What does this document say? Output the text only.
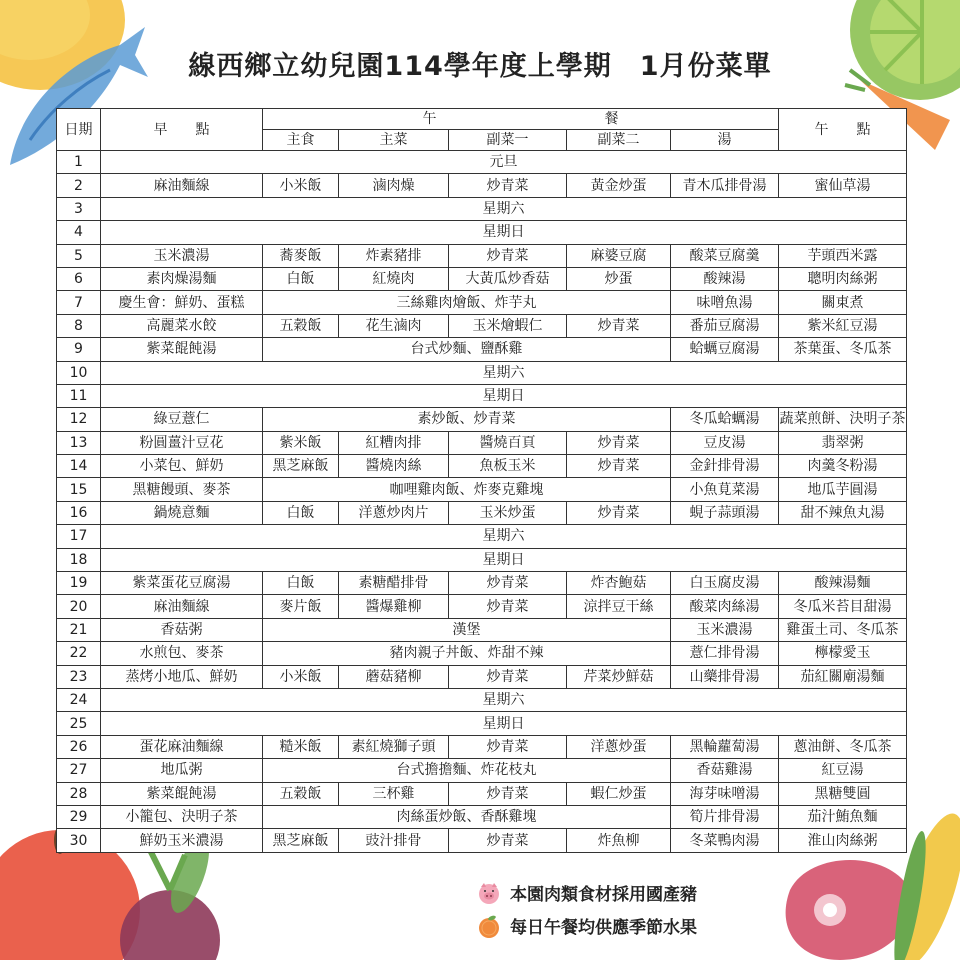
線西鄉立幼兒園114學年度上學期　1月份菜單
日期	早　　點	午　　　　　　　　　　　　餐					午　　點
		主食	主菜	副菜一	副菜二	湯	
1	元旦						
2	麻油麵線	小米飯	滷肉燥	炒青菜	黃金炒蛋	青木瓜排骨湯	蜜仙草湯
3	星期六						
4	星期日						
5	玉米濃湯	蕎麥飯	炸素豬排	炒青菜	麻婆豆腐	酸菜豆腐羹	芋頭西米露
6	素肉燥湯麵	白飯	紅燒肉	大黃瓜炒香菇	炒蛋	酸辣湯	聰明肉絲粥
7	慶生會：鮮奶、蛋糕	三絲雞肉燴飯、炸芋丸				味噌魚湯	關東煮
8	高麗菜水餃	五穀飯	花生滷肉	玉米燴蝦仁	炒青菜	番茄豆腐湯	紫米紅豆湯
9	紫菜餛飩湯	台式炒麵、鹽酥雞				蛤蠣豆腐湯	茶葉蛋、冬瓜茶
10	星期六						
11	星期日						
12	綠豆薏仁	素炒飯、炒青菜				冬瓜蛤蠣湯	蔬菜煎餅、決明子茶
13	粉圓薑汁豆花	紫米飯	紅糟肉排	醬燒百頁	炒青菜	豆皮湯	翡翠粥
14	小菜包、鮮奶	黑芝麻飯	醬燒肉絲	魚板玉米	炒青菜	金針排骨湯	肉羹冬粉湯
15	黑糖饅頭、麥茶	咖哩雞肉飯、炸麥克雞塊				小魚莧菜湯	地瓜芋圓湯
16	鍋燒意麵	白飯	洋蔥炒肉片	玉米炒蛋	炒青菜	蜆子蒜頭湯	甜不辣魚丸湯
17	星期六						
18	星期日						
19	紫菜蛋花豆腐湯	白飯	素糖醋排骨	炒青菜	炸杏鮑菇	白玉腐皮湯	酸辣湯麵
20	麻油麵線	麥片飯	醬爆雞柳	炒青菜	涼拌豆干絲	酸菜肉絲湯	冬瓜米苔目甜湯
21	香菇粥	漢堡				玉米濃湯	雞蛋土司、冬瓜茶
22	水煎包、麥茶	豬肉親子丼飯、炸甜不辣				薏仁排骨湯	檸檬愛玉
23	蒸烤小地瓜、鮮奶	小米飯	蘑菇豬柳	炒青菜	芹菜炒鮮菇	山藥排骨湯	茄紅關廟湯麵
24	星期六						
25	星期日						
26	蛋花麻油麵線	糙米飯	素紅燒獅子頭	炒青菜	洋蔥炒蛋	黑輪蘿蔔湯	蔥油餅、冬瓜茶
27	地瓜粥	台式擔擔麵、炸花枝丸				香菇雞湯	紅豆湯
28	紫菜餛飩湯	五穀飯	三杯雞	炒青菜	蝦仁炒蛋	海芽味噌湯	黑糖雙圓
29	小籠包、決明子茶	肉絲蛋炒飯、香酥雞塊				筍片排骨湯	茄汁鮪魚麵
30	鮮奶玉米濃湯	黑芝麻飯	豉汁排骨	炒青菜	炸魚柳	冬菜鴨肉湯	淮山肉絲粥
本園肉類食材採用國產豬
每日午餐均供應季節水果
